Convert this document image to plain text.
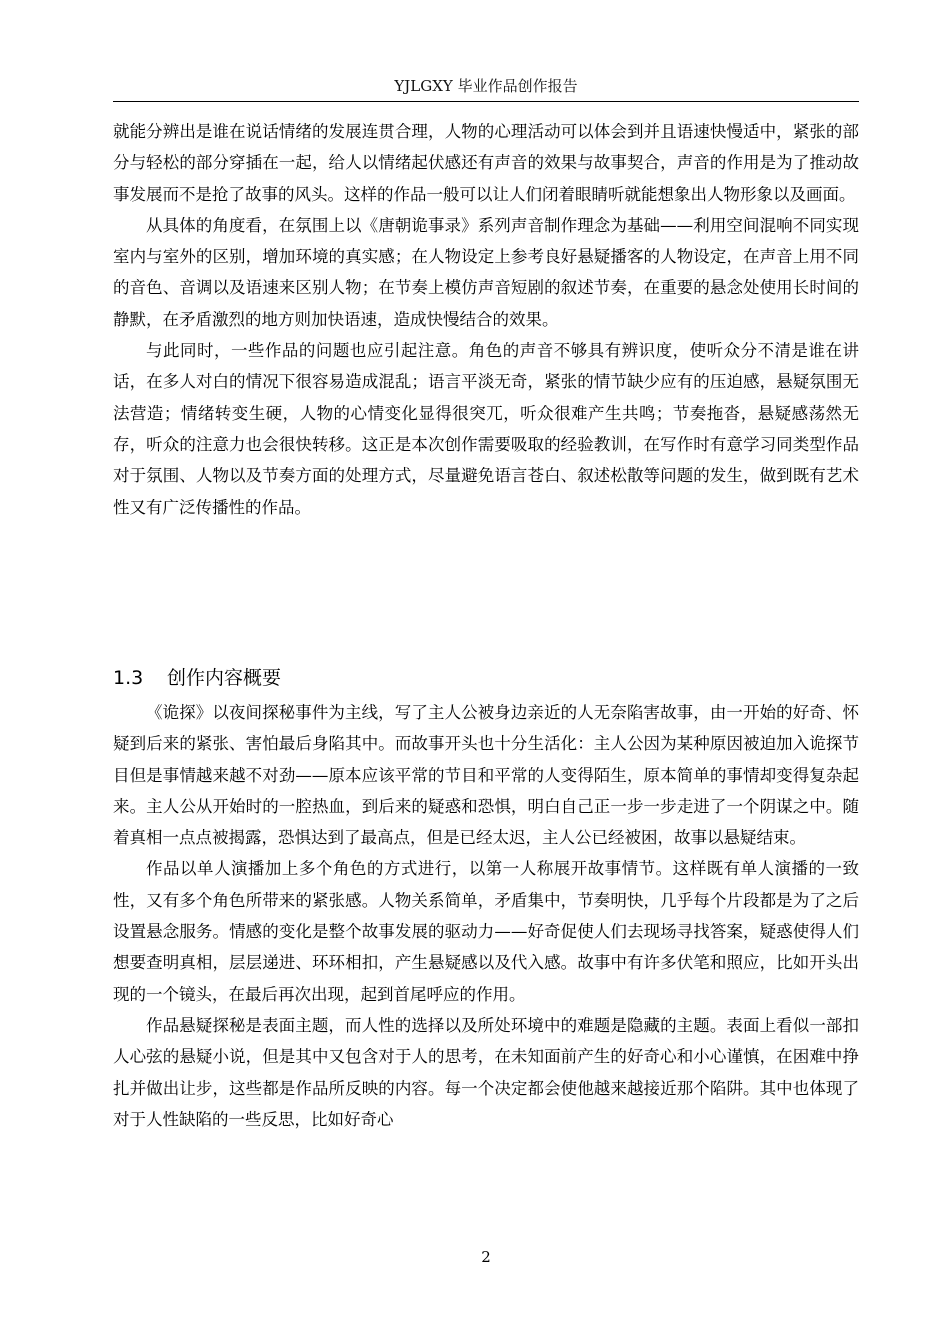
YJLGXY 毕业作品创作报告

就能分辨出是谁在说话情绪的发展连贯合理，人物的心理活动可以体会到并且语速快慢适中，紧张的部分与轻松的部分穿插在一起，给人以情绪起伏感还有声音的效果与故事契合，声音的作用是为了推动故事发展而不是抢了故事的风头。这样的作品一般可以让人们闭着眼睛听就能想象出人物形象以及画面。

从具体的角度看，在氛围上以《唐朝诡事录》系列声音制作理念为基础——利用空间混响不同实现室内与室外的区别，增加环境的真实感；在人物设定上参考良好悬疑播客的人物设定，在声音上用不同的音色、音调以及语速来区别人物；在节奏上模仿声音短剧的叙述节奏，在重要的悬念处使用长时间的静默，在矛盾激烈的地方则加快语速，造成快慢结合的效果。

与此同时，一些作品的问题也应引起注意。角色的声音不够具有辨识度，使听众分不清是谁在讲话，在多人对白的情况下很容易造成混乱；语言平淡无奇，紧张的情节缺少应有的压迫感，悬疑氛围无法营造；情绪转变生硬，人物的心情变化显得很突兀，听众很难产生共鸣；节奏拖沓，悬疑感荡然无存，听众的注意力也会很快转移。这正是本次创作需要吸取的经验教训，在写作时有意学习同类型作品对于氛围、人物以及节奏方面的处理方式，尽量避免语言苍白、叙述松散等问题的发生，做到既有艺术性又有广泛传播性的作品。

1.3 创作内容概要

《诡探》以夜间探秘事件为主线，写了主人公被身边亲近的人无奈陷害故事，由一开始的好奇、怀疑到后来的紧张、害怕最后身陷其中。而故事开头也十分生活化：主人公因为某种原因被迫加入诡探节目但是事情越来越不对劲——原本应该平常的节目和平常的人变得陌生，原本简单的事情却变得复杂起来。主人公从开始时的一腔热血，到后来的疑惑和恐惧，明白自己正一步一步走进了一个阴谋之中。随着真相一点点被揭露，恐惧达到了最高点，但是已经太迟，主人公已经被困，故事以悬疑结束。

作品以单人演播加上多个角色的方式进行，以第一人称展开故事情节。这样既有单人演播的一致性，又有多个角色所带来的紧张感。人物关系简单，矛盾集中，节奏明快，几乎每个片段都是为了之后设置悬念服务。情感的变化是整个故事发展的驱动力——好奇促使人们去现场寻找答案，疑惑使得人们想要查明真相，层层递进、环环相扣，产生悬疑感以及代入感。故事中有许多伏笔和照应，比如开头出现的一个镜头，在最后再次出现，起到首尾呼应的作用。

作品悬疑探秘是表面主题，而人性的选择以及所处环境中的难题是隐藏的主题。表面上看似一部扣人心弦的悬疑小说，但是其中又包含对于人的思考，在未知面前产生的好奇心和小心谨慎，在困难中挣扎并做出让步，这些都是作品所反映的内容。每一个决定都会使他越来越接近那个陷阱。其中也体现了对于人性缺陷的一些反思，比如好奇心

2
